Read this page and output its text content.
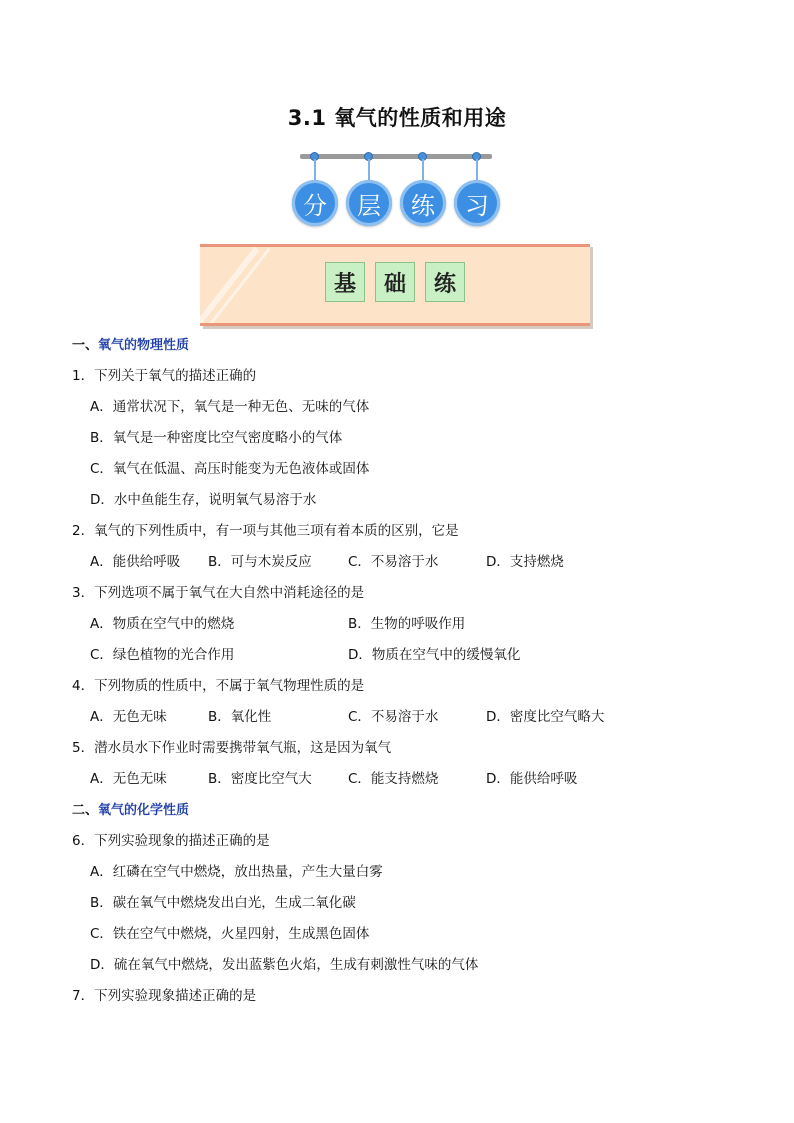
3.1 氧气的性质和用途
分	层	练	习
基	础	练
一、氧气的物理性质
1．下列关于氧气的描述正确的
A．通常状况下，氧气是一种无色、无味的气体
B．氧气是一种密度比空气密度略小的气体
C．氧气在低温、高压时能变为无色液体或固体
D．水中鱼能生存，说明氧气易溶于水
2．氧气的下列性质中，有一项与其他三项有着本质的区别，它是
A．能供给呼吸 B．可与木炭反应	C．不易溶于水	D．支持燃烧
3．下列选项不属于氧气在大自然中消耗途径的是
A．物质在空气中的燃烧	B．生物的呼吸作用
C．绿色植物的光合作用	D．物质在空气中的缓慢氧化
4．下列物质的性质中，不属于氧气物理性质的是
A．无色无味	B．氧化性	C．不易溶于水	D．密度比空气略大
5．潜水员水下作业时需要携带氧气瓶，这是因为氧气
A．无色无味	B．密度比空气大	C．能支持燃烧	D．能供给呼吸
二、氧气的化学性质
6．下列实验现象的描述正确的是
A．红磷在空气中燃烧，放出热量，产生大量白雾
B．碳在氧气中燃烧发出白光，生成二氧化碳
C．铁在空气中燃烧，火星四射，生成黑色固体
D．硫在氧气中燃烧，发出蓝紫色火焰，生成有刺激性气味的气体
7．下列实验现象描述正确的是
